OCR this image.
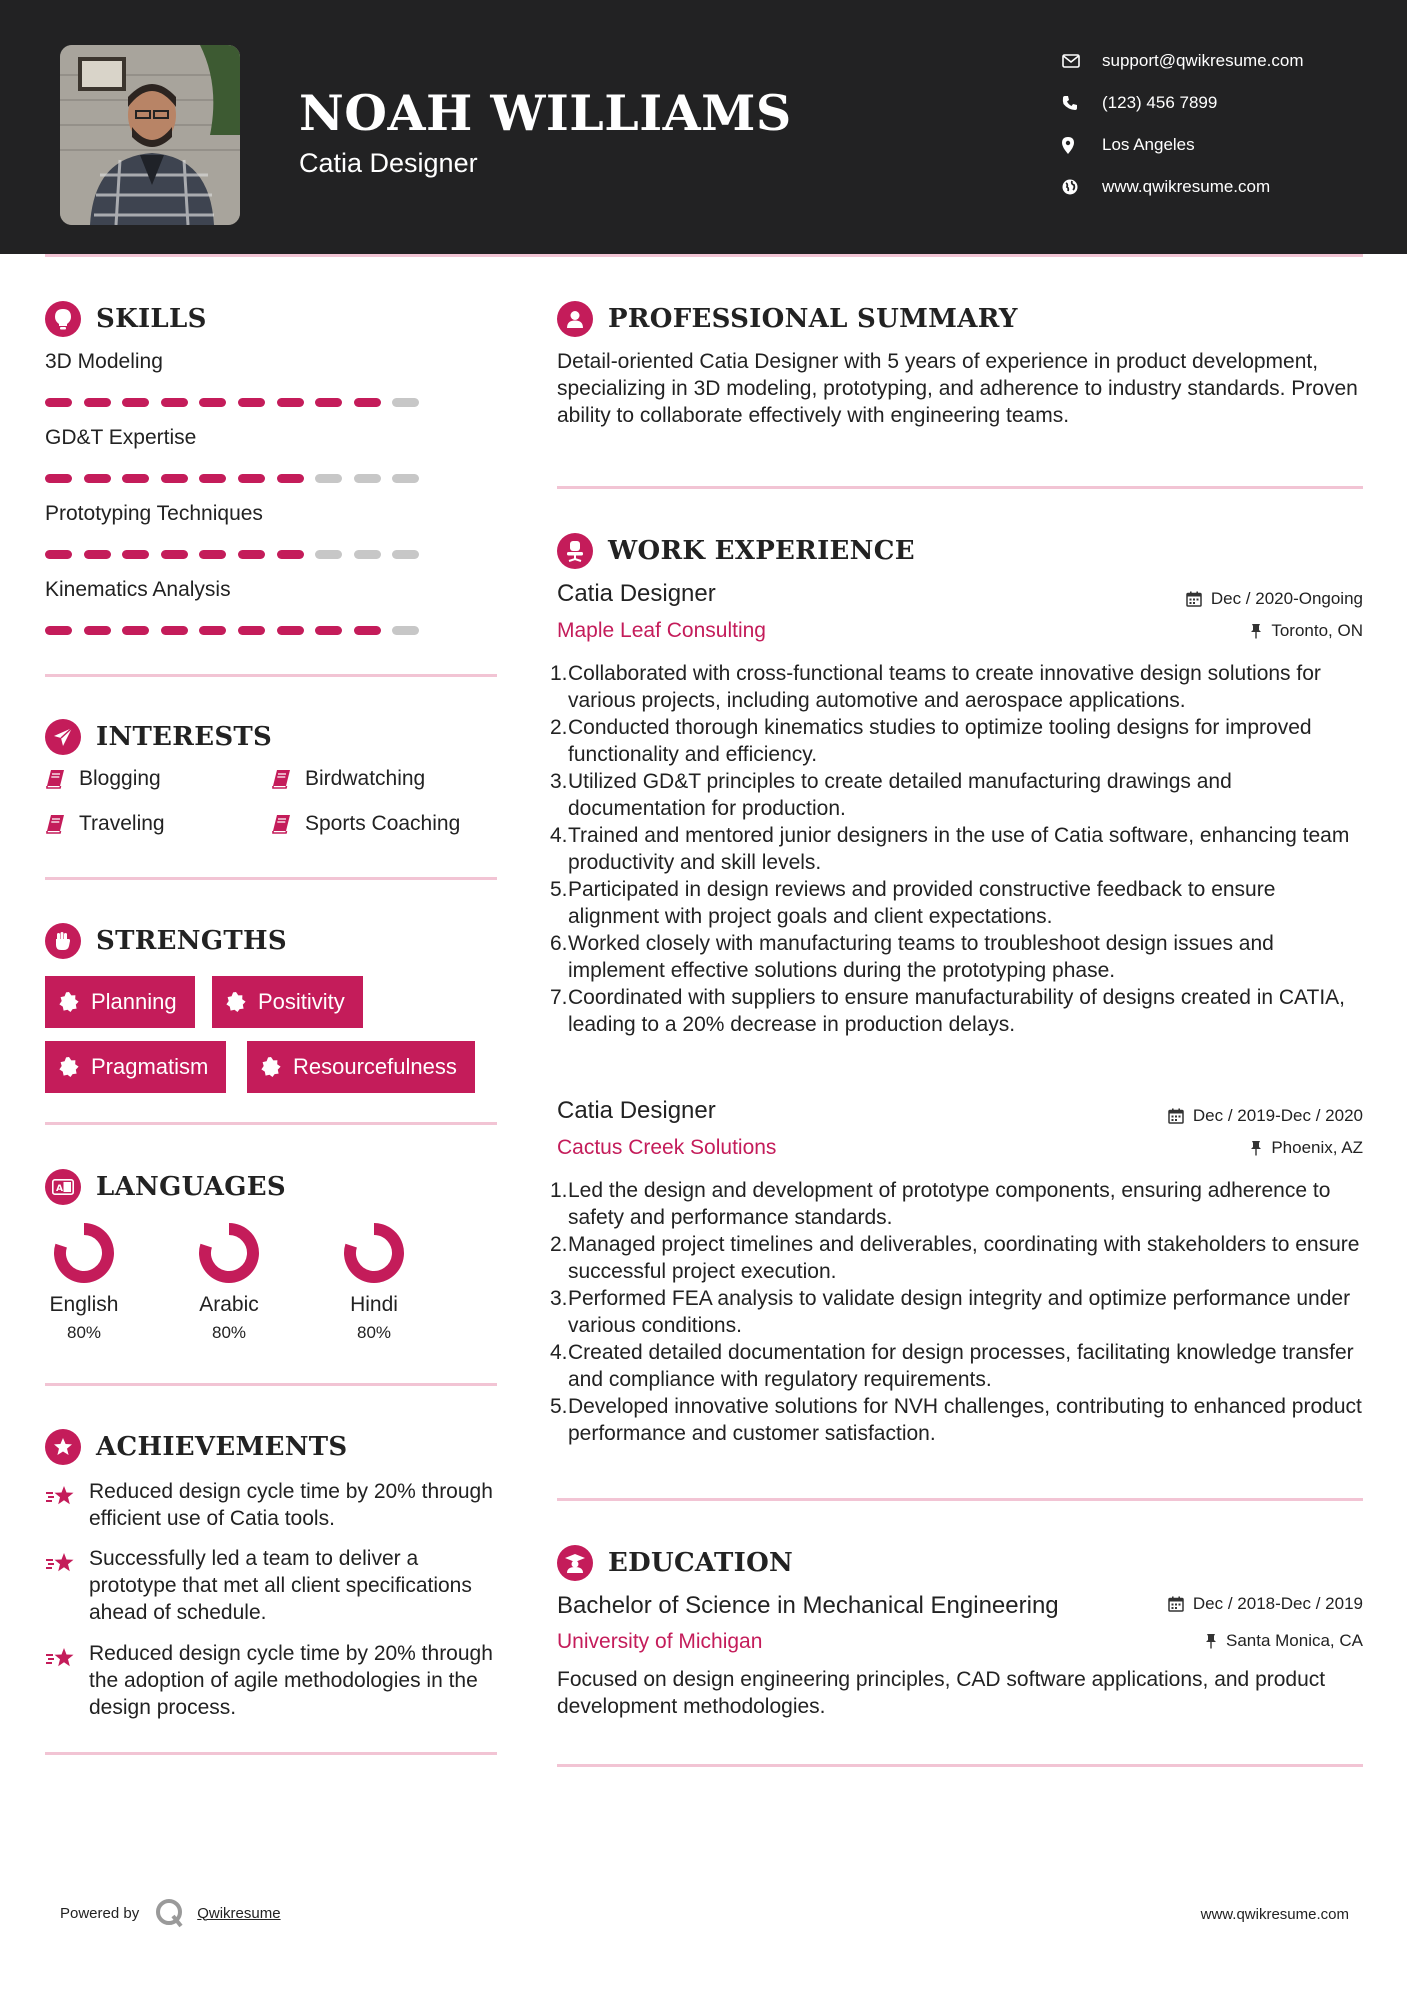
NOAH WILLIAMS
Catia Designer
support@qwikresume.com
(123) 456 7899
Los Angeles
www.qwikresume.com
SKILLS
3D Modeling
GD&T Expertise
Prototyping Techniques
Kinematics Analysis
INTERESTS
Blogging	Birdwatching
Traveling	Sports Coaching
STRENGTHS
Planning	Positivity
Pragmatism	Resourcefulness
A LANGUAGES
English
80%
Arabic
80%
Hindi
80%
ACHIEVEMENTS
Reduced design cycle time by 20% through efficient use of Catia tools.
Successfully led a team to deliver a prototype that met all client specifications ahead of schedule.
Reduced design cycle time by 20% through the adoption of agile methodologies in the design process.
PROFESSIONAL SUMMARY
Detail-oriented Catia Designer with 5 years of experience in product development, specializing in 3D modeling, prototyping, and adherence to industry standards. Proven ability to collaborate effectively with engineering teams.
WORK EXPERIENCE
Catia Designer	Dec / 2020-Ongoing
Maple Leaf Consulting	Toronto, ON
1. Collaborated with cross-functional teams to create innovative design solutions for various projects, including automotive and aerospace applications.
2. Conducted thorough kinematics studies to optimize tooling designs for improved functionality and efficiency.
3. Utilized GD&T principles to create detailed manufacturing drawings and documentation for production.
4. Trained and mentored junior designers in the use of Catia software, enhancing team productivity and skill levels.
5. Participated in design reviews and provided constructive feedback to ensure alignment with project goals and client expectations.
6. Worked closely with manufacturing teams to troubleshoot design issues and implement effective solutions during the prototyping phase.
7. Coordinated with suppliers to ensure manufacturability of designs created in CATIA, leading to a 20% decrease in production delays.
Catia Designer	Dec / 2019-Dec / 2020
Cactus Creek Solutions	Phoenix, AZ
1. Led the design and development of prototype components, ensuring adherence to safety and performance standards.
2. Managed project timelines and deliverables, coordinating with stakeholders to ensure successful project execution.
3. Performed FEA analysis to validate design integrity and optimize performance under various conditions.
4. Created detailed documentation for design processes, facilitating knowledge transfer and compliance with regulatory requirements.
5. Developed innovative solutions for NVH challenges, contributing to enhanced product performance and customer satisfaction.
EDUCATION
Bachelor of Science in Mechanical Engineering	Dec / 2018-Dec / 2019
University of Michigan	Santa Monica, CA
Focused on design engineering principles, CAD software applications, and product development methodologies.
Powered by	Qwikresume	www.qwikresume.com
